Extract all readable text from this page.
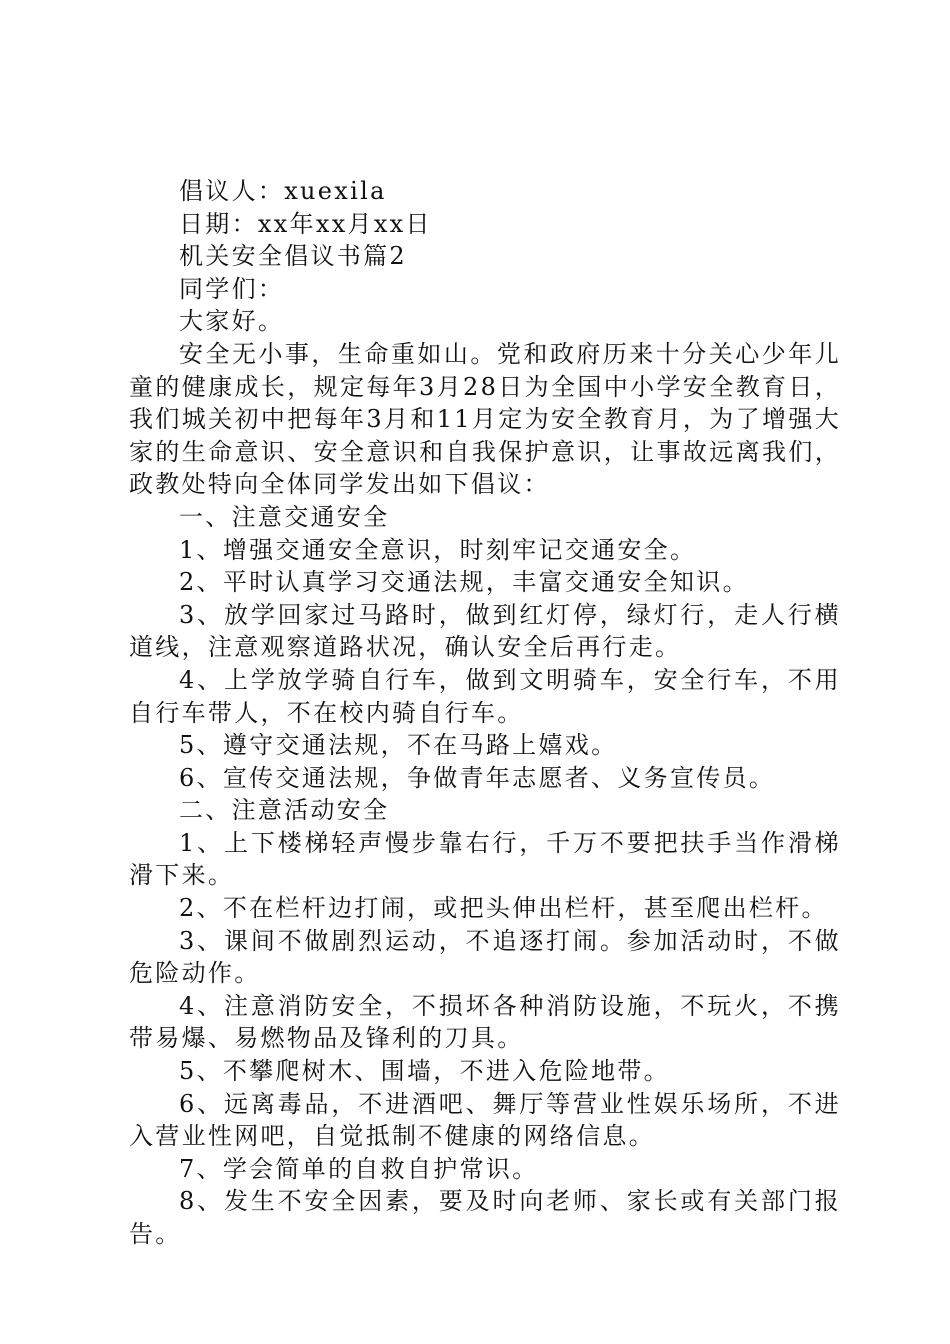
倡议人：xuexila

日期：xx年xx月xx日

机关安全倡议书篇2

同学们：

大家好。

安全无小事，生命重如山。党和政府历来十分关心少年儿童的健康成长，规定每年3月28日为全国中小学安全教育日，我们城关初中把每年3月和11月定为安全教育月，为了增强大家的生命意识、安全意识和自我保护意识，让事故远离我们，政教处特向全体同学发出如下倡议：

一、注意交通安全

1、增强交通安全意识，时刻牢记交通安全。

2、平时认真学习交通法规，丰富交通安全知识。

3、放学回家过马路时，做到红灯停，绿灯行，走人行横道线，注意观察道路状况，确认安全后再行走。

4、上学放学骑自行车，做到文明骑车，安全行车，不用自行车带人，不在校内骑自行车。

5、遵守交通法规，不在马路上嬉戏。

6、宣传交通法规，争做青年志愿者、义务宣传员。

二、注意活动安全

1、上下楼梯轻声慢步靠右行，千万不要把扶手当作滑梯滑下来。

2、不在栏杆边打闹，或把头伸出栏杆，甚至爬出栏杆。

3、课间不做剧烈运动，不追逐打闹。参加活动时，不做危险动作。

4、注意消防安全，不损坏各种消防设施，不玩火，不携带易爆、易燃物品及锋利的刀具。

5、不攀爬树木、围墙，不进入危险地带。

6、远离毒品，不进酒吧、舞厅等营业性娱乐场所，不进入营业性网吧，自觉抵制不健康的网络信息。

7、学会简单的自救自护常识。

8、发生不安全因素，要及时向老师、家长或有关部门报告。
